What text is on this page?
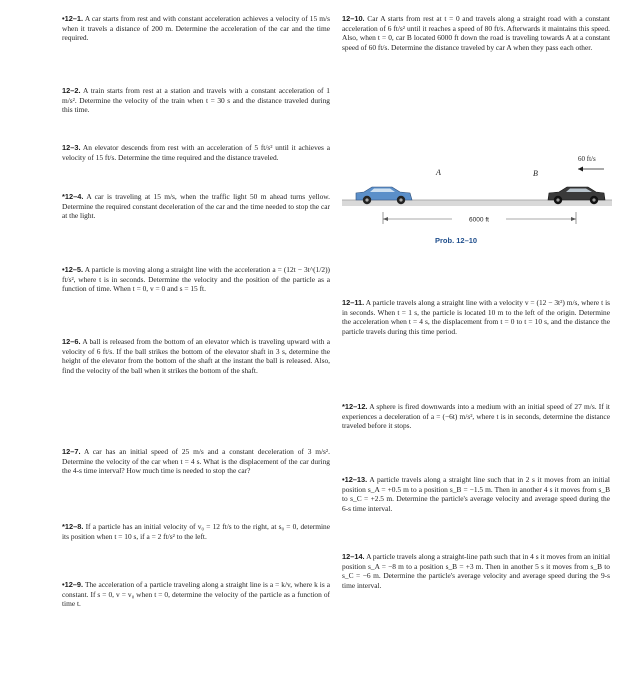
•12–1. A car starts from rest and with constant acceleration achieves a velocity of 15 m/s when it travels a distance of 200 m. Determine the acceleration of the car and the time required.

12–2. A train starts from rest at a station and travels with a constant acceleration of 1 m/s². Determine the velocity of the train when t = 30 s and the distance traveled during this time.

12–3. An elevator descends from rest with an acceleration of 5 ft/s² until it achieves a velocity of 15 ft/s. Determine the time required and the distance traveled.

*12–4. A car is traveling at 15 m/s, when the traffic light 50 m ahead turns yellow. Determine the required constant deceleration of the car and the time needed to stop the car at the light.

•12–5. A particle is moving along a straight line with the acceleration a = (12t − 3t^(1/2)) ft/s², where t is in seconds. Determine the velocity and the position of the particle as a function of time. When t = 0, v = 0 and s = 15 ft.

12–6. A ball is released from the bottom of an elevator which is traveling upward with a velocity of 6 ft/s. If the ball strikes the bottom of the elevator shaft in 3 s, determine the height of the elevator from the bottom of the shaft at the instant the ball is released. Also, find the velocity of the ball when it strikes the bottom of the shaft.

12–7. A car has an initial speed of 25 m/s and a constant deceleration of 3 m/s². Determine the velocity of the car when t = 4 s. What is the displacement of the car during the 4-s time interval? How much time is needed to stop the car?

*12–8. If a particle has an initial velocity of v₀ = 12 ft/s to the right, at s₀ = 0, determine its position when t = 10 s, if a = 2 ft/s² to the left.

•12–9. The acceleration of a particle traveling along a straight line is a = k/v, where k is a constant. If s = 0, v = v₀ when t = 0, determine the velocity of the particle as a function of time t.

12–10. Car A starts from rest at t = 0 and travels along a straight road with a constant acceleration of 6 ft/s² until it reaches a speed of 80 ft/s. Afterwards it maintains this speed. Also, when t = 0, car B located 6000 ft down the road is traveling towards A at a constant speed of 60 ft/s. Determine the distance traveled by car A when they pass each other.

12–11. A particle travels along a straight line with a velocity v = (12 − 3t²) m/s, where t is in seconds. When t = 1 s, the particle is located 10 m to the left of the origin. Determine the acceleration when t = 4 s, the displacement from t = 0 to t = 10 s, and the distance the particle travels during this time period.

*12–12. A sphere is fired downwards into a medium with an initial speed of 27 m/s. If it experiences a deceleration of a = (−6t) m/s², where t is in seconds, determine the distance traveled before it stops.

•12–13. A particle travels along a straight line such that in 2 s it moves from an initial position s_A = +0.5 m to a position s_B = −1.5 m. Then in another 4 s it moves from s_B to s_C = +2.5 m. Determine the particle's average velocity and average speed during the 6-s time interval.

12–14. A particle travels along a straight-line path such that in 4 s it moves from an initial position s_A = −8 m to a position s_B = +3 m. Then in another 5 s it moves from s_B to s_C = −6 m. Determine the particle's average velocity and average speed during the 9-s time interval.

A	B
60 ft/s
6000 ft
Prob. 12–10
